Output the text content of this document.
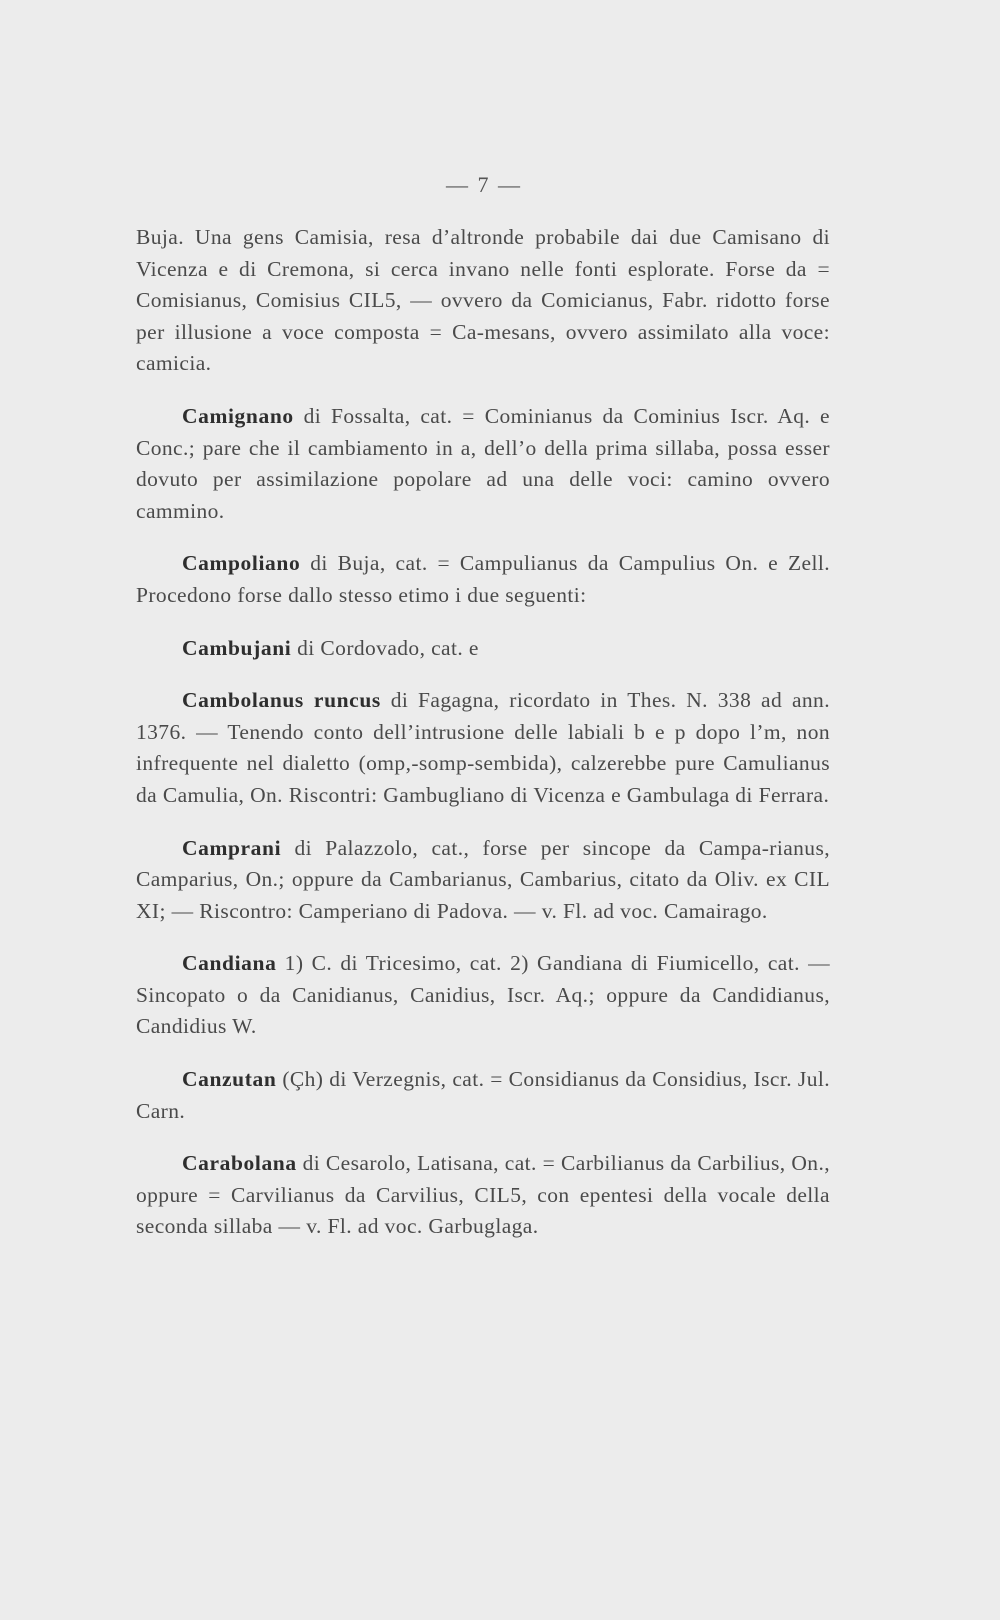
— 7 —

Buja. Una gens Camisia, resa d’altronde probabile dai due Camisano di Vicenza e di Cremona, si cerca invano nelle fonti esplorate. Forse da = Comisianus, Comisius CIL5, — ovvero da Comicianus, Fabr. ridotto forse per illusione a voce composta = Ca-mesans, ovvero assimilato alla voce: camicia.

Camignano di Fossalta, cat. = Cominianus da Cominius Iscr. Aq. e Conc.; pare che il cambiamento in a, dell’o della prima sillaba, possa esser dovuto per assimilazione popolare ad una delle voci: camino ovvero cammino.

Campoliano di Buja, cat. = Campulianus da Campulius On. e Zell. Procedono forse dallo stesso etimo i due seguenti:

Cambujani di Cordovado, cat. e

Cambolanus runcus di Fagagna, ricordato in Thes. N. 338 ad ann. 1376. — Tenendo conto dell’intrusione delle labiali b e p dopo l’m, non infrequente nel dialetto (omp,-somp-sembida), calzerebbe pure Camulianus da Camulia, On. Riscontri: Gambugliano di Vicenza e Gambulaga di Ferrara.

Camprani di Palazzolo, cat., forse per sincope da Campa-rianus, Camparius, On.; oppure da Cambarianus, Cambarius, citato da Oliv. ex CIL XI; — Riscontro: Camperiano di Padova. — v. Fl. ad voc. Camairago.

Candiana 1) C. di Tricesimo, cat. 2) Gandiana di Fiumicello, cat. — Sincopato o da Canidianus, Canidius, Iscr. Aq.; oppure da Candidianus, Candidius W.

Canzutan (Çh) di Verzegnis, cat. = Considianus da Considius, Iscr. Jul. Carn.

Carabolana di Cesarolo, Latisana, cat. = Carbilianus da Carbilius, On., oppure = Carvilianus da Carvilius, CIL5, con epentesi della vocale della seconda sillaba — v. Fl. ad voc. Garbuglaga.
